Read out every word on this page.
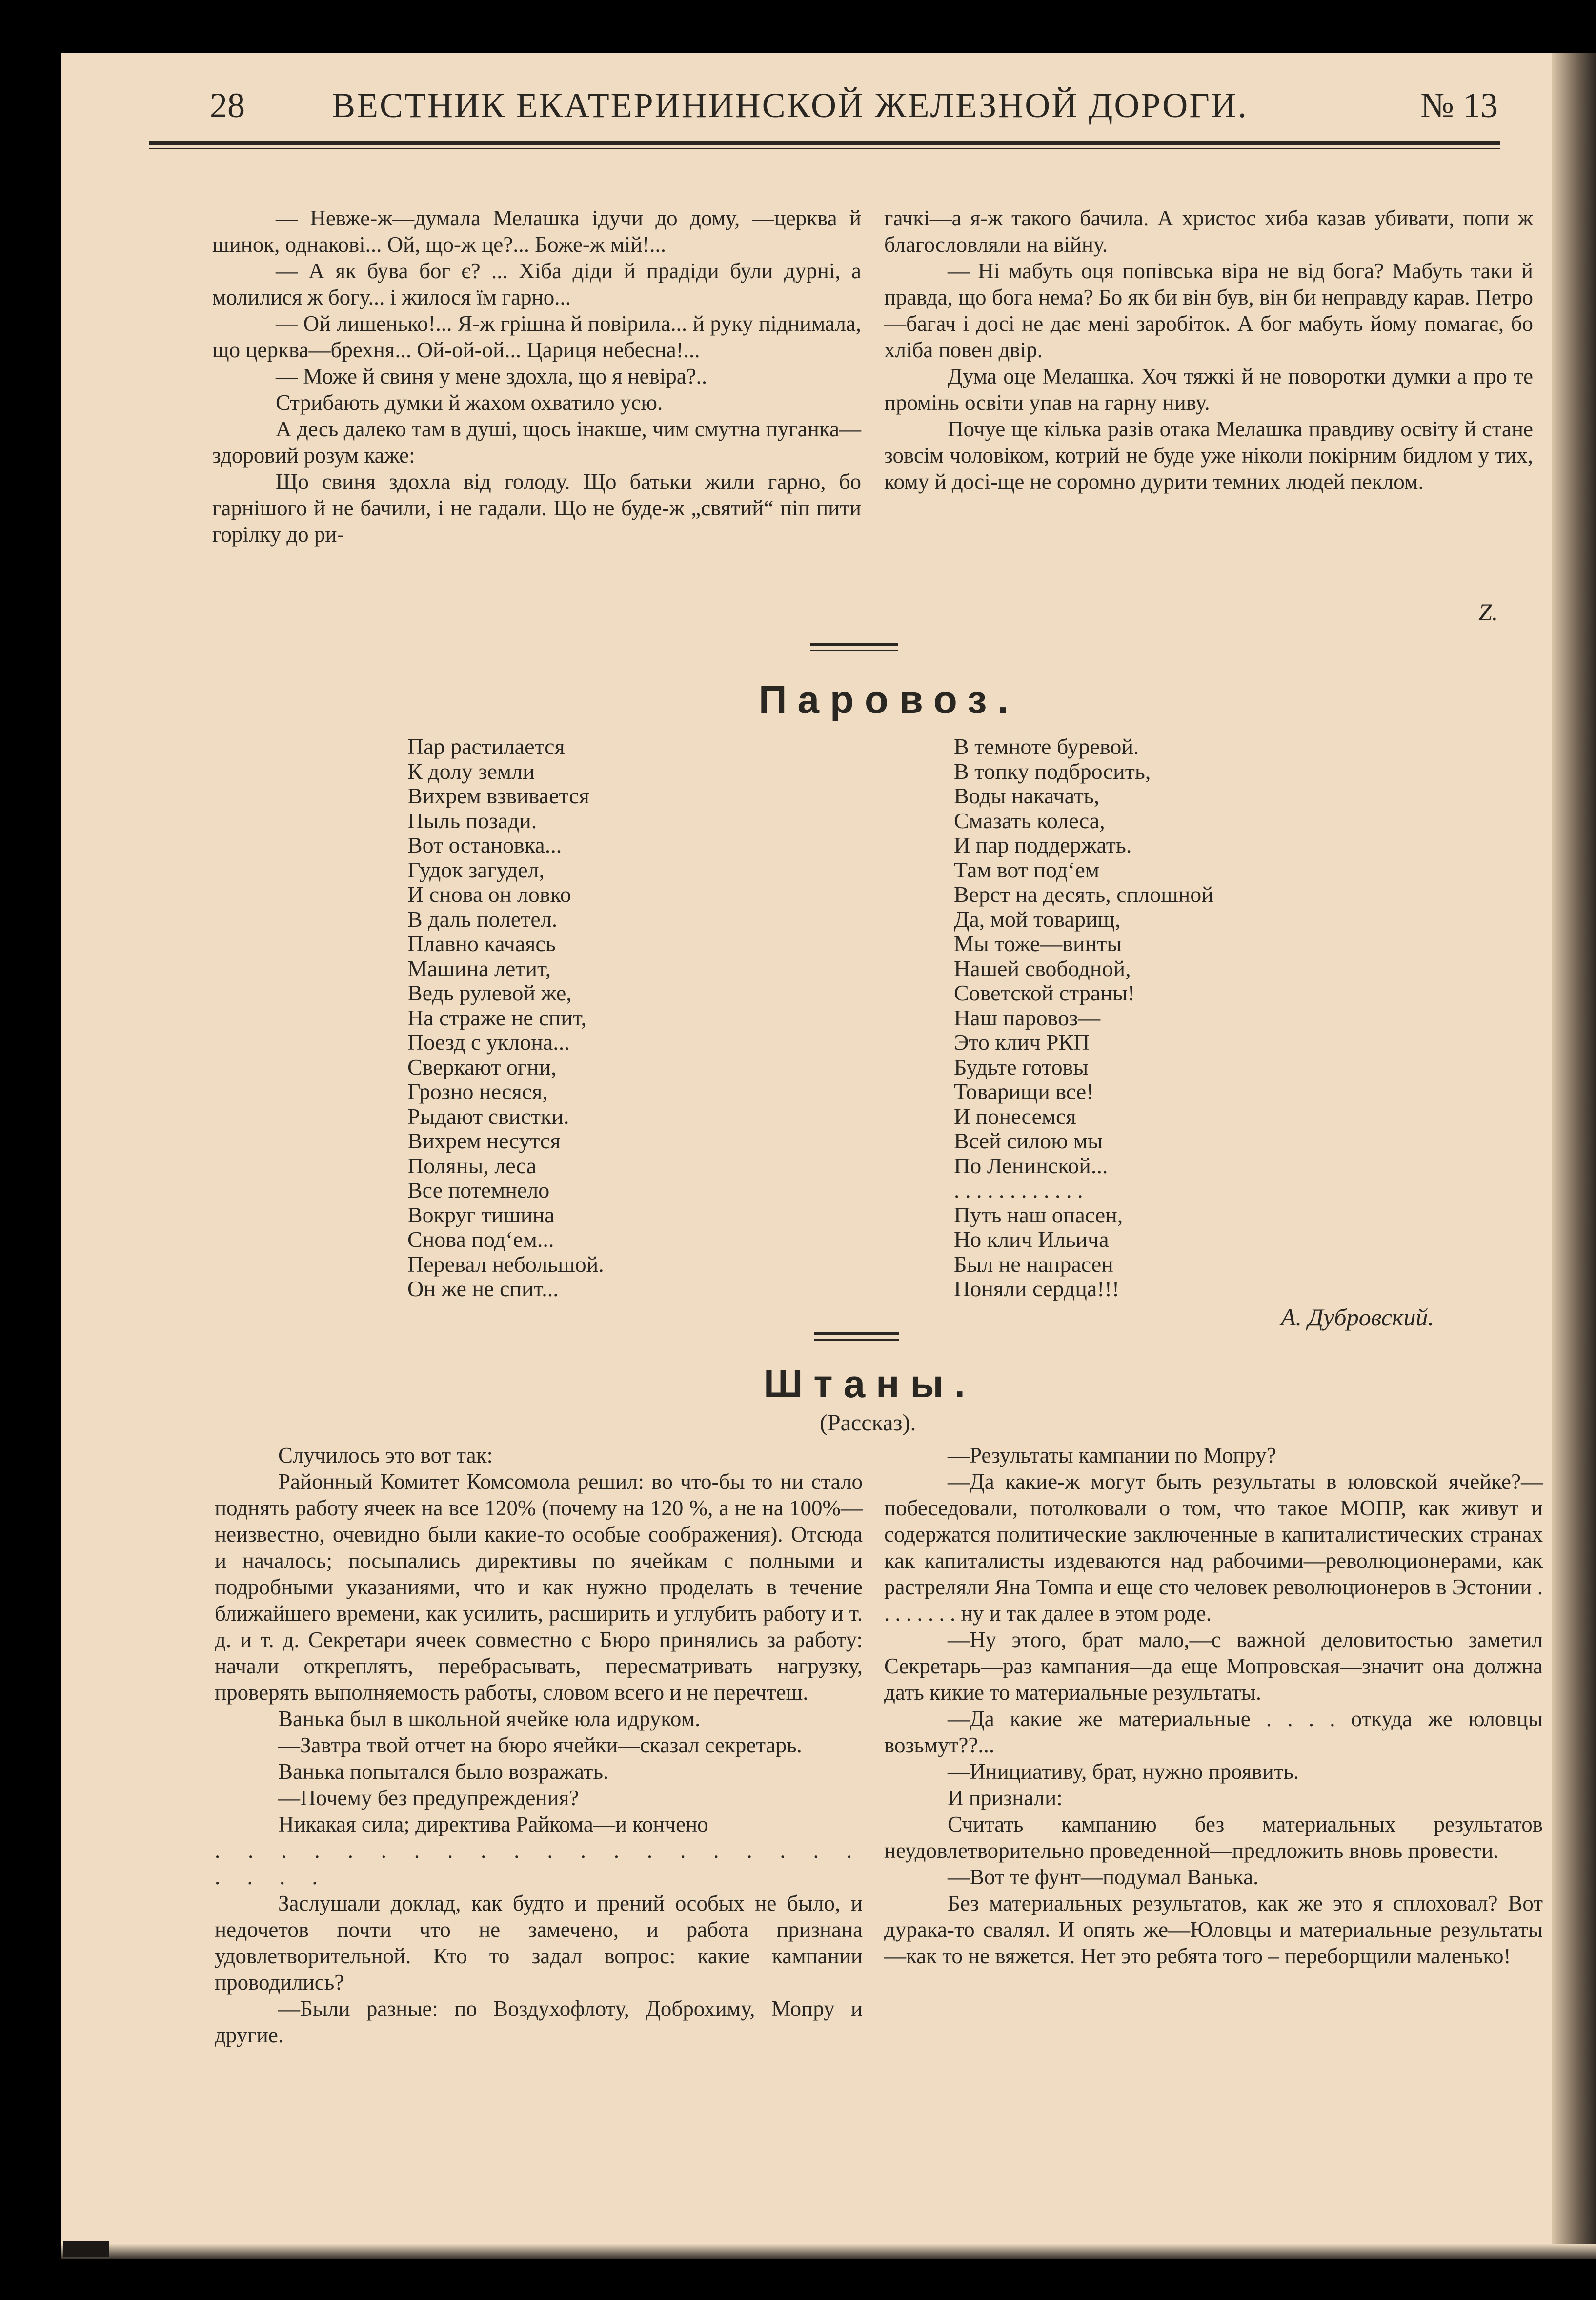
28 ВЕСТНИК ЕКАТЕРИНИНСКОЙ ЖЕЛЕЗНОЙ ДОРОГИ.	№ 13

— Невже-ж—думала Мелашка ідучи до дому, —церква й шинок, однакові... Ой, що-ж це?... Боже-ж мій!...

— А як бува бог є? ... Хіба діди й прадіди були дурні, а молилися ж богу... і жилося їм гарно...

— Ой лишенько!... Я-ж грішна й повірила... й руку піднимала, що церква—брехня... Ой-ой-ой... Цариця небесна!...

— Може й свиня у мене здохла, що я невіра?..

Стрибають думки й жахом охватило усю.

А десь далеко там в душі, щось інакше, чим смутна пуганка—здоровий розум каже:

Що свиня здохла від голоду. Що батьки жили гарно, бо гарнішого й не бачили, і не гадали. Що не буде-ж „святий“ піп пити горілку до ри-

гачкі—а я-ж такого бачила. А христос хиба казав убивати, попи ж благословляли на війну.

— Ні мабуть оця попівська віра не від бога? Мабуть таки й правда, що бога нема? Бо як би він був, він би неправду карав. Петро—багач і досі не дає мені заробіток. А бог мабуть йому помагає, бо хліба повен двір.

Дума оце Мелашка. Хоч тяжкі й не поворотки думки а про те промінь освіти упав на гарну ниву.

Почуе ще кілька разів отака Мелашка правдиву освіту й стане зовсім чоловіком, котрий не буде уже ніколи покірним бидлом у тих, кому й досі-ще не соромно дурити темних людей пеклом.

Z.
Паровоз.
Пар растилается
К долу земли
Вихрем взвивается
Пыль позади.
Вот остановка...
Гудок загудел,
И снова он ловко
В даль полетел.
Плавно качаясь
Машина летит,
Ведь рулевой же,
На страже не спит,
Поезд с уклона...
Сверкают огни,
Грозно несяся,
Рыдают свистки.
Вихрем несутся
Поляны, леса
Все потемнело
Вокруг тишина
Снова под‘ем...
Перевал небольшой.
Он же не спит...
В темноте буревой.
В топку подбросить,
Воды накачать,
Смазать колеса,
И пар поддержать.
Там вот под‘ем
Верст на десять, сплошной
Да, мой товарищ,
Мы тоже—винты
Нашей свободной,
Советской страны!
Наш паровоз—
Это клич РКП
Будьте готовы
Товарищи все!
И понесемся
Всей силою мы
По Ленинской...
. . . . . . . . . . . .
Путь наш опасен,
Но клич Ильича
Был не напрасен
Поняли сердца!!!
А. Дубровский.
Штаны.
(Рассказ).

Случилось это вот так:

Районный Комитет Комсомола решил: во что-бы то ни стало поднять работу ячеек на все 120% (почему на 120 %, а не на 100%—неизвестно, очевидно были какие-то особые соображения). Отсюда и началось; посыпались директивы по ячейкам с полными и подробными указаниями, что и как нужно проделать в течение ближайшего времени, как усилить, расширить и углубить работу и т. д. и т. д. Секретари ячеек совместно с Бюро принялись за работу: начали откреплять, перебрасывать, пересматривать нагрузку, проверять выполняемость работы, словом всего и не перечтеш.

Ванька был в школьной ячейке юла идруком.

—Завтра твой отчет на бюро ячейки—сказал секретарь.

Ванька попытался было возражать.

—Почему без предупреждения?

Никакая сила; директива Райкома—и кончено

. . . . . . . . . . . . . . . . . . . . . . . .

Заслушали доклад, как будто и прений особых не было, и недочетов почти что не замечено, и работа признана удовлетворительной. Кто то задал вопрос: какие кампании проводились?

—Были разные: по Воздухофлоту, Доброхиму, Мопру и другие.

—Результаты кампании по Мопру?

—Да какие-ж могут быть результаты в юловской ячейке?—побеседовали, потолковали о том, что такое МОПР, как живут и содержатся политические заключенные в капиталистических странах как капиталисты издеваются над рабочими—революционерами, как растреляли Яна Томпа и еще сто человек революционеров в Эстонии . . . . . . . . ну и так далее в этом роде.

—Ну этого, брат мало,—с важной деловитостью заметил Секретарь—раз кампания—да еще Мопровская—значит она должна дать кикие то материальные результаты.

—Да какие же материальные . . . . откуда же юловцы возьмут??...

—Инициативу, брат, нужно проявить.

И признали:

Считать кампанию без материальных результатов неудовлетворительно проведенной—предложить вновь провести.

—Вот те фунт—подумал Ванька.

Без материальных результатов, как же это я сплоховал? Вот дурака-то свалял. И опять же—Юловцы и материальные результаты—как то не вяжется. Нет это ребята того – переборщили маленько!
